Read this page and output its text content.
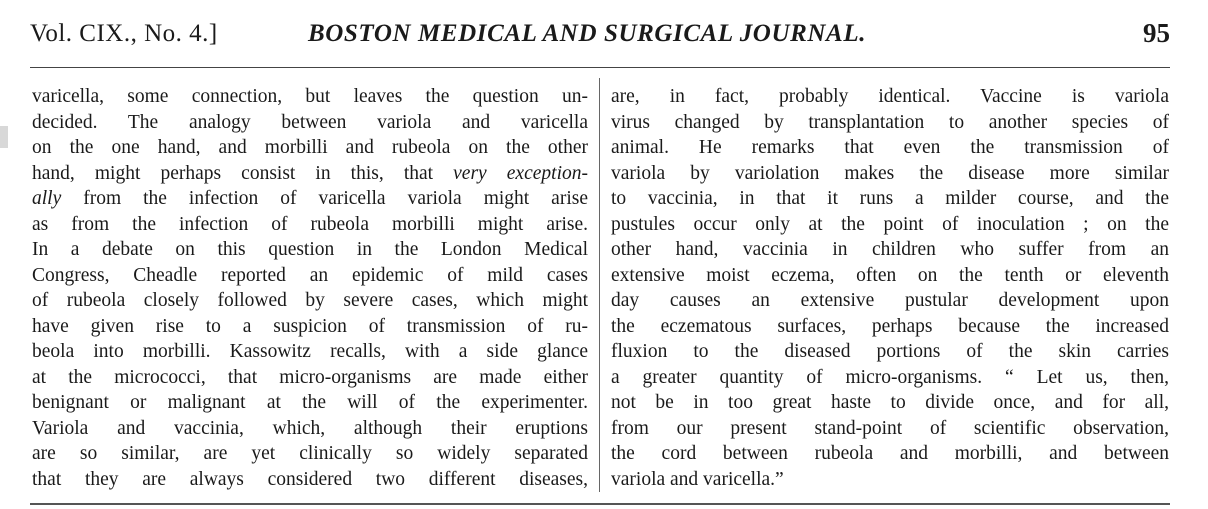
Vol. CIX., No. 4.]	BOSTON MEDICAL AND SURGICAL JOURNAL.	95
varicella, some connection, but leaves the question un-
decided. The analogy between variola and varicella
on the one hand, and morbilli and rubeola on the other
hand, might perhaps consist in this, that very exception-
ally from the infection of varicella variola might arise
as from the infection of rubeola morbilli might arise.
In a debate on this question in the London Medical
Congress, Cheadle reported an epidemic of mild cases
of rubeola closely followed by severe cases, which might
have given rise to a suspicion of transmission of ru-
beola into morbilli. Kassowitz recalls, with a side glance
at the micrococci, that micro-organisms are made either
benignant or malignant at the will of the experimenter.
Variola and vaccinia, which, although their eruptions
are so similar, are yet clinically so widely separated
that they are always considered two different diseases,
are, in fact, probably identical. Vaccine is variola
virus changed by transplantation to another species of
animal. He remarks that even the transmission of
variola by variolation makes the disease more similar
to vaccinia, in that it runs a milder course, and the
pustules occur only at the point of inoculation ; on the
other hand, vaccinia in children who suffer from an
extensive moist eczema, often on the tenth or eleventh
day causes an extensive pustular development upon
the eczematous surfaces, perhaps because the increased
fluxion to the diseased portions of the skin carries
a greater quantity of micro-organisms. “ Let us, then,
not be in too great haste to divide once, and for all,
from our present stand-point of scientific observation,
the cord between rubeola and morbilli, and between
variola and varicella.”
